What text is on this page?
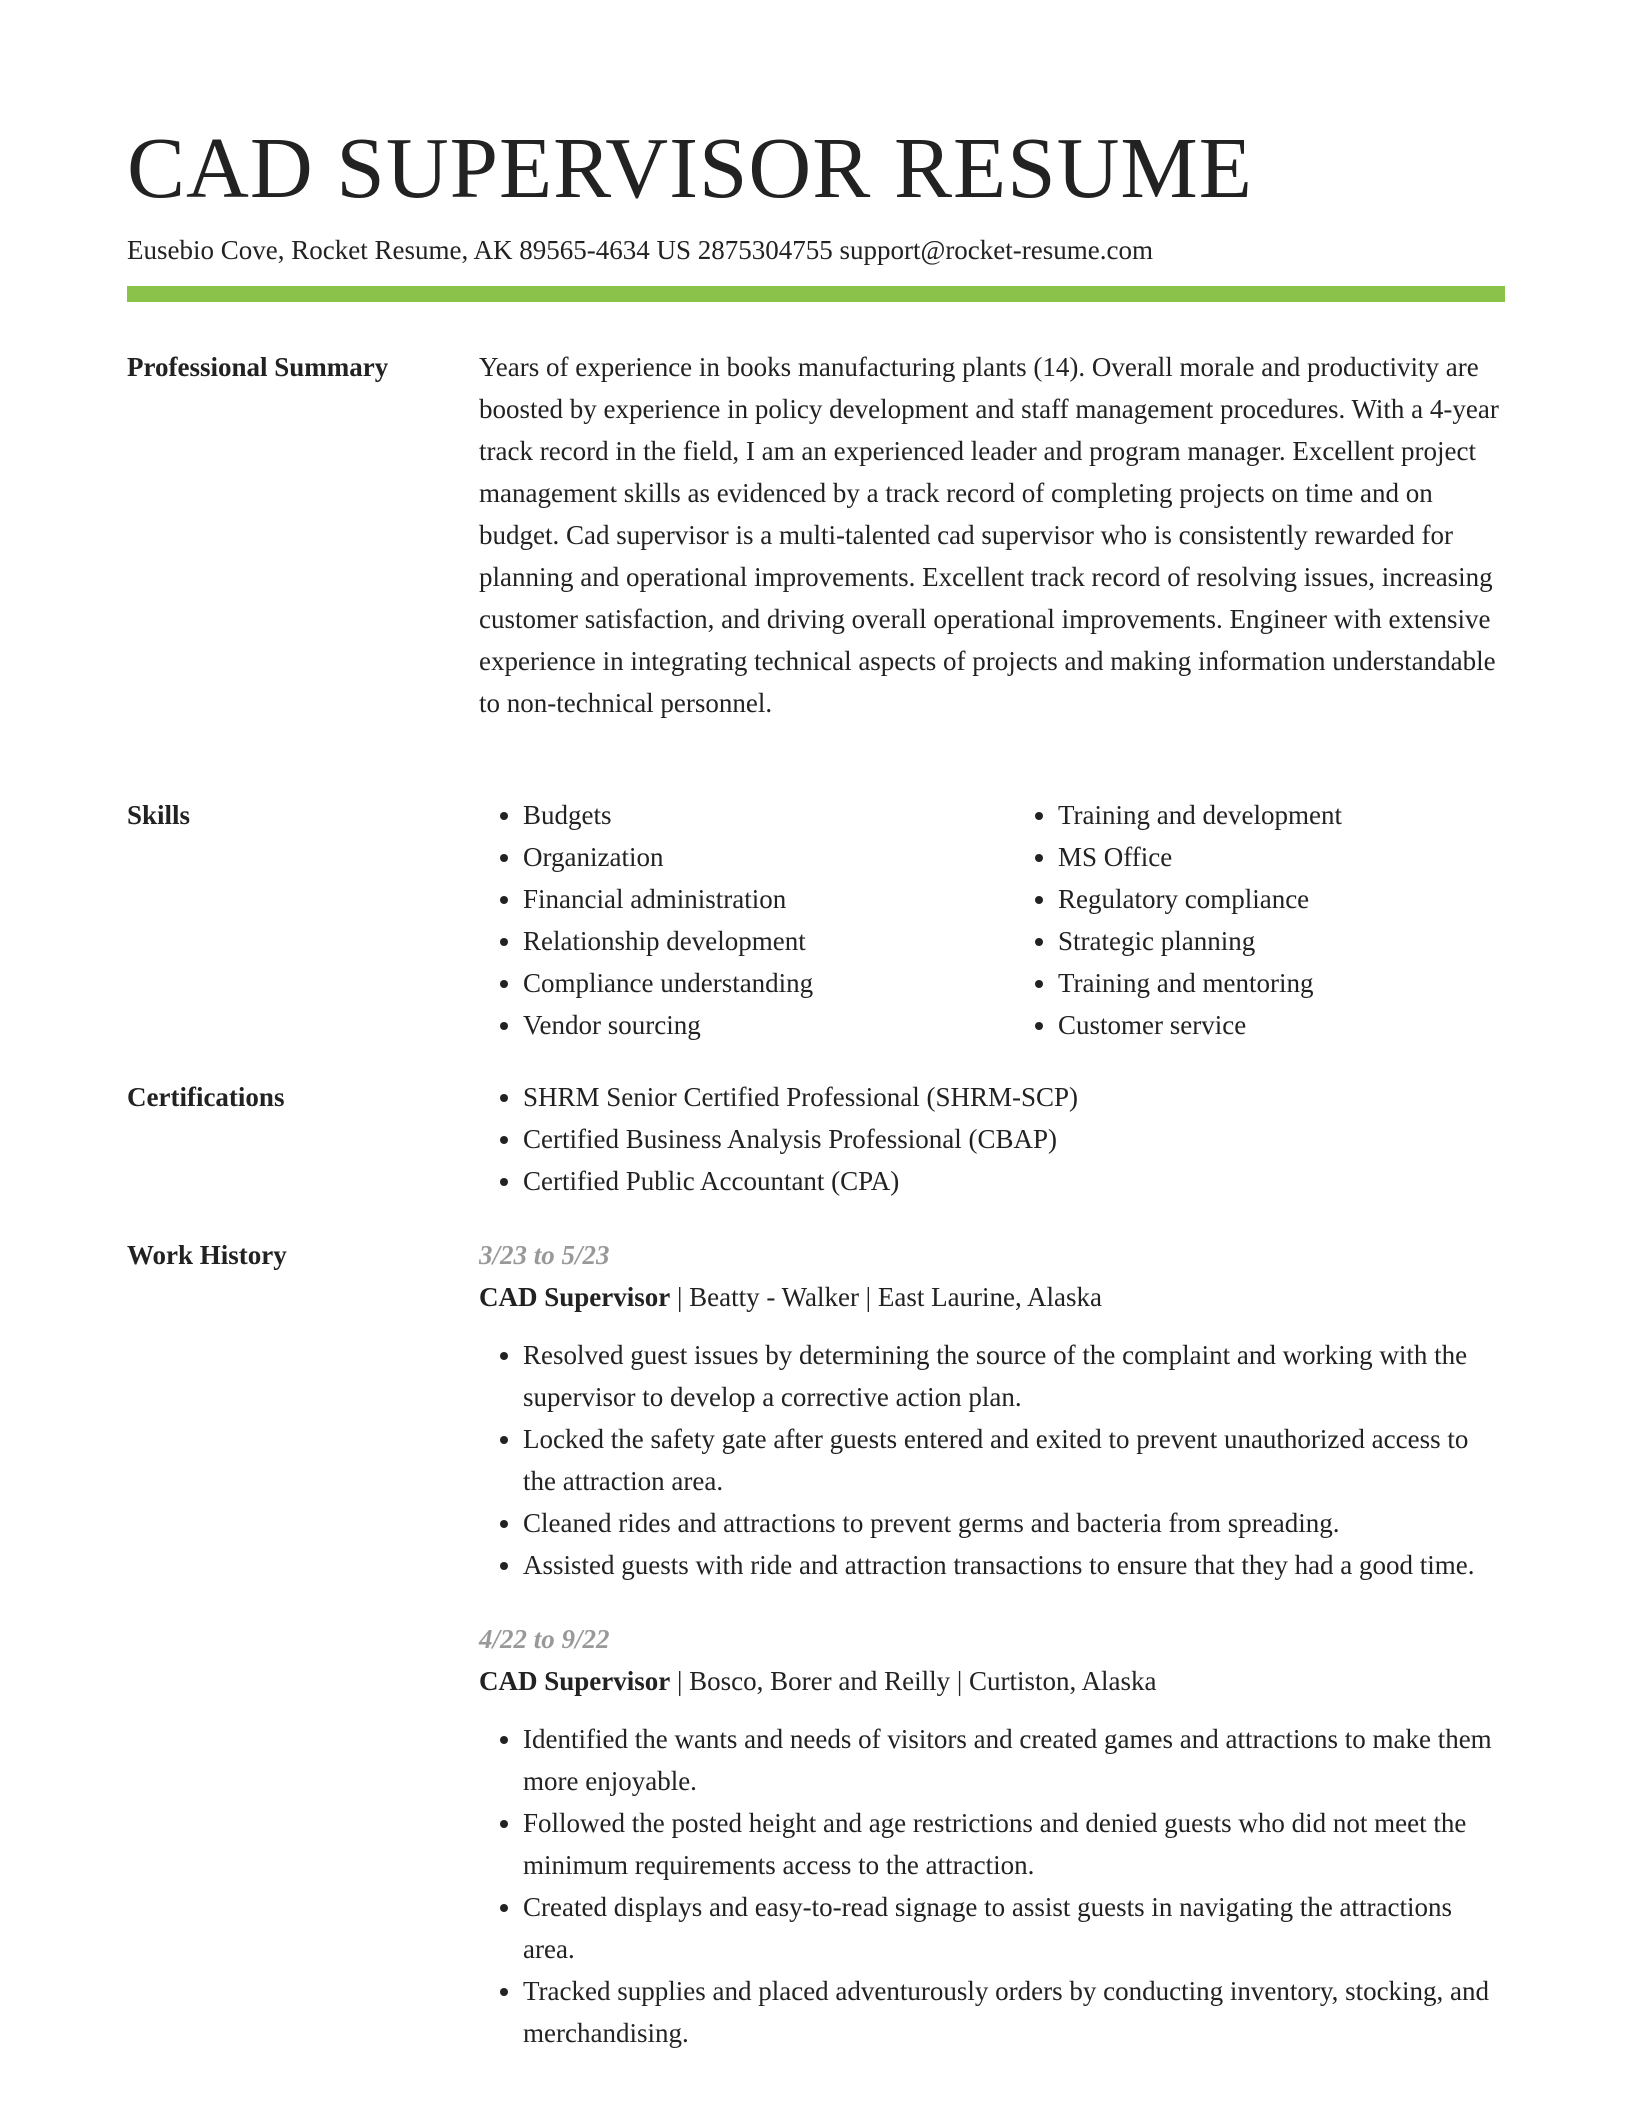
CAD SUPERVISOR RESUME
Eusebio Cove, Rocket Resume, AK 89565-4634 US 2875304755 support@rocket-resume.com
Professional Summary	Years of experience in books manufacturing plants (14). Overall morale and productivity are boosted by experience in policy development and staff management procedures. With a 4-year track record in the field, I am an experienced leader and program manager. Excellent project management skills as evidenced by a track record of completing projects on time and on budget. Cad supervisor is a multi-talented cad supervisor who is consistently rewarded for planning and operational improvements. Excellent track record of resolving issues, increasing customer satisfaction, and driving overall operational improvements. Engineer with extensive experience in integrating technical aspects of projects and making information understandable to non-technical personnel.

Skills	• Budgets
• Organization
• Financial administration
• Relationship development
• Compliance understanding
• Vendor sourcing
• Training and development
• MS Office
• Regulatory compliance
• Strategic planning
• Training and mentoring
• Customer service
Certifications	• SHRM Senior Certified Professional (SHRM-SCP)
• Certified Business Analysis Professional (CBAP)
• Certified Public Accountant (CPA)
Work History	3/23 to 5/23
CAD Supervisor | Beatty - Walker | East Laurine, Alaska
• Resolved guest issues by determining the source of the complaint and working with the supervisor to develop a corrective action plan.
• Locked the safety gate after guests entered and exited to prevent unauthorized access to the attraction area.
• Cleaned rides and attractions to prevent germs and bacteria from spreading.
• Assisted guests with ride and attraction transactions to ensure that they had a good time.
4/22 to 9/22
CAD Supervisor | Bosco, Borer and Reilly | Curtiston, Alaska
• Identified the wants and needs of visitors and created games and attractions to make them more enjoyable.
• Followed the posted height and age restrictions and denied guests who did not meet the minimum requirements access to the attraction.
• Created displays and easy-to-read signage to assist guests in navigating the attractions area.
• Tracked supplies and placed adventurously orders by conducting inventory, stocking, and merchandising.
